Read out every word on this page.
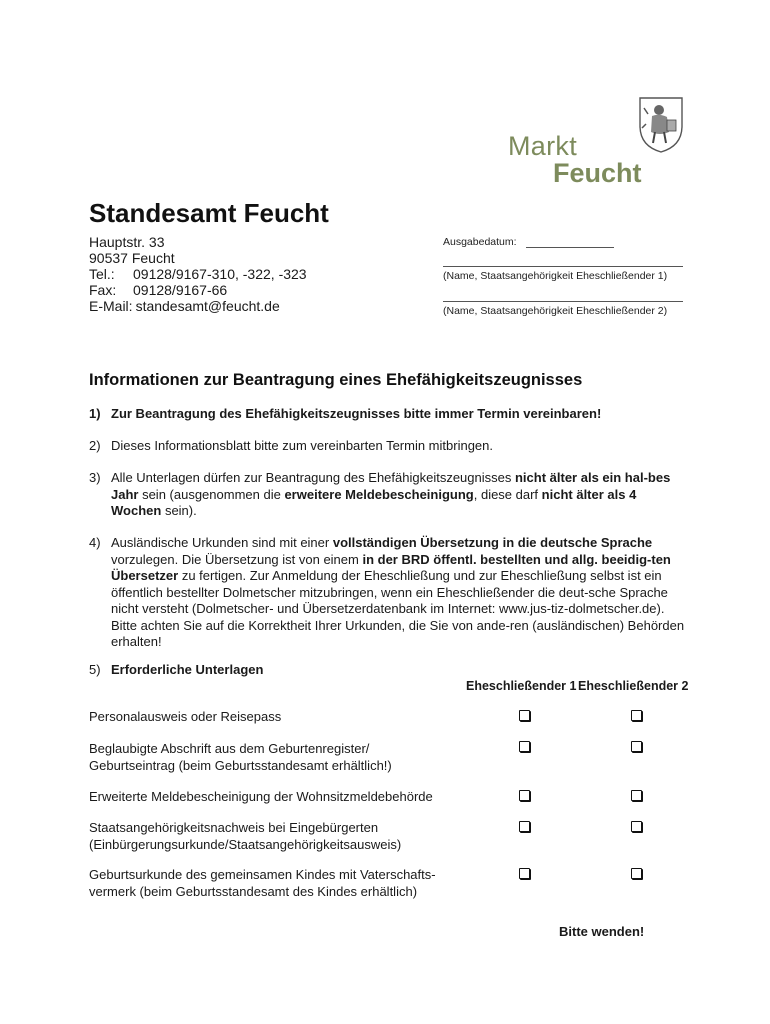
Markt
Feucht
Standesamt Feucht
Hauptstr. 33
90537 Feucht
Tel.: 09128/9167-310, -322, -323
Fax: 09128/9167-66
E-Mail: standesamt@feucht.de
Ausgabedatum:
(Name, Staatsangehörigkeit Eheschließender 1)
(Name, Staatsangehörigkeit Eheschließender 2)
Informationen zur Beantragung eines Ehefähigkeitszeugnisses
1) Zur Beantragung des Ehefähigkeitszeugnisses bitte immer Termin vereinbaren!
2) Dieses Informationsblatt bitte zum vereinbarten Termin mitbringen.
3) Alle Unterlagen dürfen zur Beantragung des Ehefähigkeitszeugnisses nicht älter als ein hal-bes Jahr sein (ausgenommen die erweitere Meldebescheinigung, diese darf nicht älter als 4 Wochen sein).
4) Ausländische Urkunden sind mit einer vollständigen Übersetzung in die deutsche Sprache vorzulegen. Die Übersetzung ist von einem in der BRD öffentl. bestellten und allg. beeidig-ten Übersetzer zu fertigen. Zur Anmeldung der Eheschließung und zur Eheschließung selbst ist ein öffentlich bestellter Dolmetscher mitzubringen, wenn ein Eheschließender die deut-sche Sprache nicht versteht (Dolmetscher- und Übersetzerdatenbank im Internet: www.jus-tiz-dolmetscher.de). Bitte achten Sie auf die Korrektheit Ihrer Urkunden, die Sie von ande-ren (ausländischen) Behörden erhalten!
5) Erforderliche Unterlagen
Eheschließender 1 Eheschließender 2
Personalausweis oder Reisepass
Beglaubigte Abschrift aus dem Geburtenregister/ Geburtseintrag (beim Geburtsstandesamt erhältlich!)
Erweiterte Meldebescheinigung der Wohnsitzmeldebehörde
Staatsangehörigkeitsnachweis bei Eingebürgerten (Einbürgerungsurkunde/Staatsangehörigkeitsausweis)
Geburtsurkunde des gemeinsamen Kindes mit Vaterschafts-vermerk (beim Geburtsstandesamt des Kindes erhältlich)
Bitte wenden!
